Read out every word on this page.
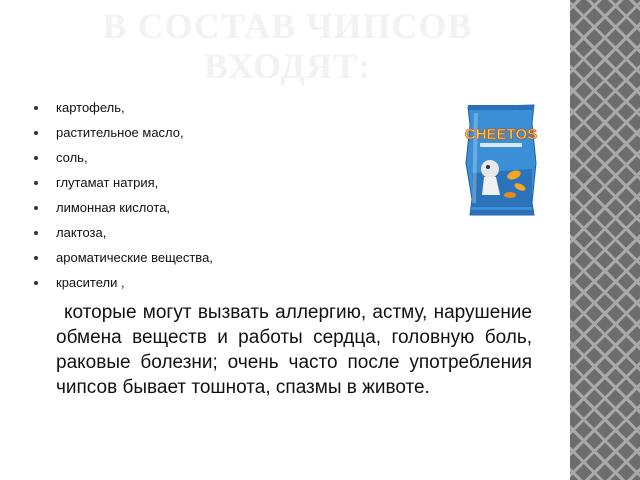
В СОСТАВ ЧИПСОВ ВХОДЯТ:
картофель,
растительное масло,
соль,
глутамат натрия,
лимонная кислота,
лактоза,
ароматические вещества,
красители ,
которые могут вызвать аллергию, астму, нарушение обмена веществ и работы сердца, головную боль, раковые болезни; очень часто после употребления чипсов бывает тошнота, спазмы в животе.
CHEETOS
